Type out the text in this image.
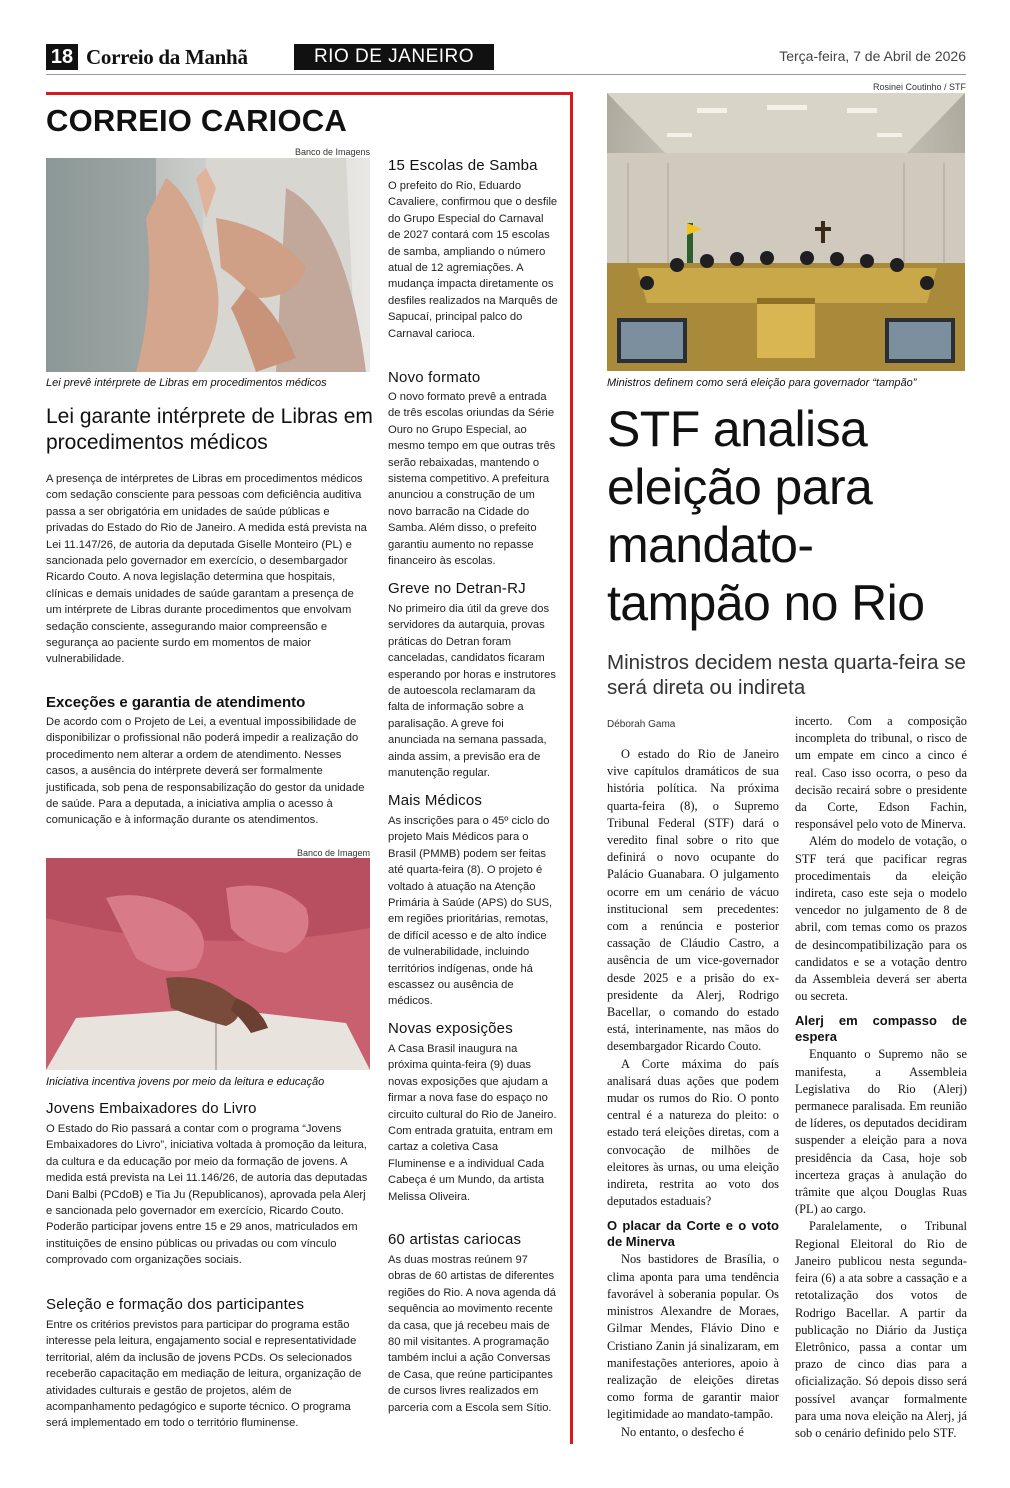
18 Correio da Manhã	RIO DE JANEIRO	Terça-feira, 7 de Abril de 2026
CORREIO CARIOCA
Banco de Imagens
Lei prevê intérprete de Libras em procedimentos médicos
Lei garante intérprete de Libras em procedimentos médicos
A presença de intérpretes de Libras em procedimentos médicos com sedação consciente para pessoas com deficiência auditiva passa a ser obrigatória em unidades de saúde públicas e privadas do Estado do Rio de Janeiro. A medida está prevista na Lei 11.147/26, de autoria da deputada Giselle Monteiro (PL) e sancionada pelo governador em exercício, o desembargador Ricardo Couto. A nova legislação determina que hospitais, clínicas e demais unidades de saúde garantam a presença de um intérprete de Libras durante procedimentos que envolvam sedação consciente, assegurando maior compreensão e segurança ao paciente surdo em momentos de maior vulnerabilidade.
Exceções e garantia de atendimento
De acordo com o Projeto de Lei, a eventual impossibilidade de disponibilizar o profissional não poderá impedir a realização do procedimento nem alterar a ordem de atendimento. Nesses casos, a ausência do intérprete deverá ser formalmente justificada, sob pena de responsabilização do gestor da unidade de saúde. Para a deputada, a iniciativa amplia o acesso à comunicação e à informação durante os atendimentos.
Banco de Imagem
Iniciativa incentiva jovens por meio da leitura e educação
Jovens Embaixadores do Livro
O Estado do Rio passará a contar com o programa “Jovens Embaixadores do Livro”, iniciativa voltada à promoção da leitura, da cultura e da educação por meio da formação de jovens. A medida está prevista na Lei 11.146/26, de autoria das deputadas Dani Balbi (PCdoB) e Tia Ju (Republicanos), aprovada pela Alerj e sancionada pelo governador em exercício, Ricardo Couto. Poderão participar jovens entre 15 e 29 anos, matriculados em instituições de ensino públicas ou privadas ou com vínculo comprovado com organizações sociais.
Seleção e formação dos participantes
Entre os critérios previstos para participar do programa estão interesse pela leitura, engajamento social e representatividade territorial, além da inclusão de jovens PCDs. Os selecionados receberão capacitação em mediação de leitura, organização de atividades culturais e gestão de projetos, além de acompanhamento pedagógico e suporte técnico. O programa será implementado em todo o território fluminense.
15 Escolas de Samba
O prefeito do Rio, Eduardo Cavaliere, confirmou que o desfile do Grupo Especial do Carnaval de 2027 contará com 15 escolas de samba, ampliando o número atual de 12 agremiações. A mudança impacta diretamente os desfiles realizados na Marquês de Sapucaí, principal palco do Carnaval carioca.
Novo formato
O novo formato prevê a entrada de três escolas oriundas da Série Ouro no Grupo Especial, ao mesmo tempo em que outras três serão rebaixadas, mantendo o sistema competitivo. A prefeitura anunciou a construção de um novo barracão na Cidade do Samba. Além disso, o prefeito garantiu aumento no repasse financeiro às escolas.
Greve no Detran-RJ
No primeiro dia útil da greve dos servidores da autarquia, provas práticas do Detran foram canceladas, candidatos ficaram esperando por horas e instrutores de autoescola reclamaram da falta de informação sobre a paralisação. A greve foi anunciada na semana passada, ainda assim, a previsão era de manutenção regular.
Mais Médicos
As inscrições para o 45º ciclo do projeto Mais Médicos para o Brasil (PMMB) podem ser feitas até quarta-feira (8). O projeto é voltado à atuação na Atenção Primária à Saúde (APS) do SUS, em regiões prioritárias, remotas, de difícil acesso e de alto índice de vulnerabilidade, incluindo territórios indígenas, onde há escassez ou ausência de médicos.
Novas exposições
A Casa Brasil inaugura na próxima quinta-feira (9) duas novas exposições que ajudam a firmar a nova fase do espaço no circuito cultural do Rio de Janeiro. Com entrada gratuita, entram em cartaz a coletiva Casa Fluminense e a individual Cada Cabeça é um Mundo, da artista Melissa Oliveira.
60 artistas cariocas
As duas mostras reúnem 97 obras de 60 artistas de diferentes regiões do Rio. A nova agenda dá sequência ao movimento recente da casa, que já recebeu mais de 80 mil visitantes. A programação também inclui a ação Conversas de Casa, que reúne participantes de cursos livres realizados em parceria com a Escola sem Sítio.
Rosinei Coutinho / STF
Ministros definem como será eleição para governador “tampão”
STF analisa eleição para mandato-tampão no Rio
Ministros decidem nesta quarta-feira se será direta ou indireta
Déborah Gama

O estado do Rio de Janeiro vive capítulos dramáticos de sua história política. Na próxima quarta-feira (8), o Supremo Tribunal Federal (STF) dará o veredito final sobre o rito que definirá o novo ocupante do Palácio Guanabara. O julgamento ocorre em um cenário de vácuo institucional sem precedentes: com a renúncia e posterior cassação de Cláudio Castro, a ausência de um vice-governador desde 2025 e a prisão do ex-presidente da Alerj, Rodrigo Bacellar, o comando do estado está, interinamente, nas mãos do desembargador Ricardo Couto.

A Corte máxima do país analisará duas ações que podem mudar os rumos do Rio. O ponto central é a natureza do pleito: o estado terá eleições diretas, com a convocação de milhões de eleitores às urnas, ou uma eleição indireta, restrita ao voto dos deputados estaduais?

O placar da Corte e o voto de Minerva

Nos bastidores de Brasília, o clima aponta para uma tendência favorável à soberania popular. Os ministros Alexandre de Moraes, Gilmar Mendes, Flávio Dino e Cristiano Zanin já sinalizaram, em manifestações anteriores, apoio à realização de eleições diretas como forma de garantir maior legitimidade ao mandato-tampão.

No entanto, o desfecho é

incerto. Com a composição incompleta do tribunal, o risco de um empate em cinco a cinco é real. Caso isso ocorra, o peso da decisão recairá sobre o presidente da Corte, Edson Fachin, responsável pelo voto de Minerva.

Além do modelo de votação, o STF terá que pacificar regras procedimentais da eleição indireta, caso este seja o modelo vencedor no julgamento de 8 de abril, com temas como os prazos de desincompatibilização para os candidatos e se a votação dentro da Assembleia deverá ser aberta ou secreta.

Alerj em compasso de espera

Enquanto o Supremo não se manifesta, a Assembleia Legislativa do Rio (Alerj) permanece paralisada. Em reunião de líderes, os deputados decidiram suspender a eleição para a nova presidência da Casa, hoje sob incerteza graças à anulação do trâmite que alçou Douglas Ruas (PL) ao cargo.

Paralelamente, o Tribunal Regional Eleitoral do Rio de Janeiro publicou nesta segunda-feira (6) a ata sobre a cassação e a retotalização dos votos de Rodrigo Bacellar. A partir da publicação no Diário da Justiça Eletrônico, passa a contar um prazo de cinco dias para a oficialização. Só depois disso será possível avançar formalmente para uma nova eleição na Alerj, já sob o cenário definido pelo STF.
